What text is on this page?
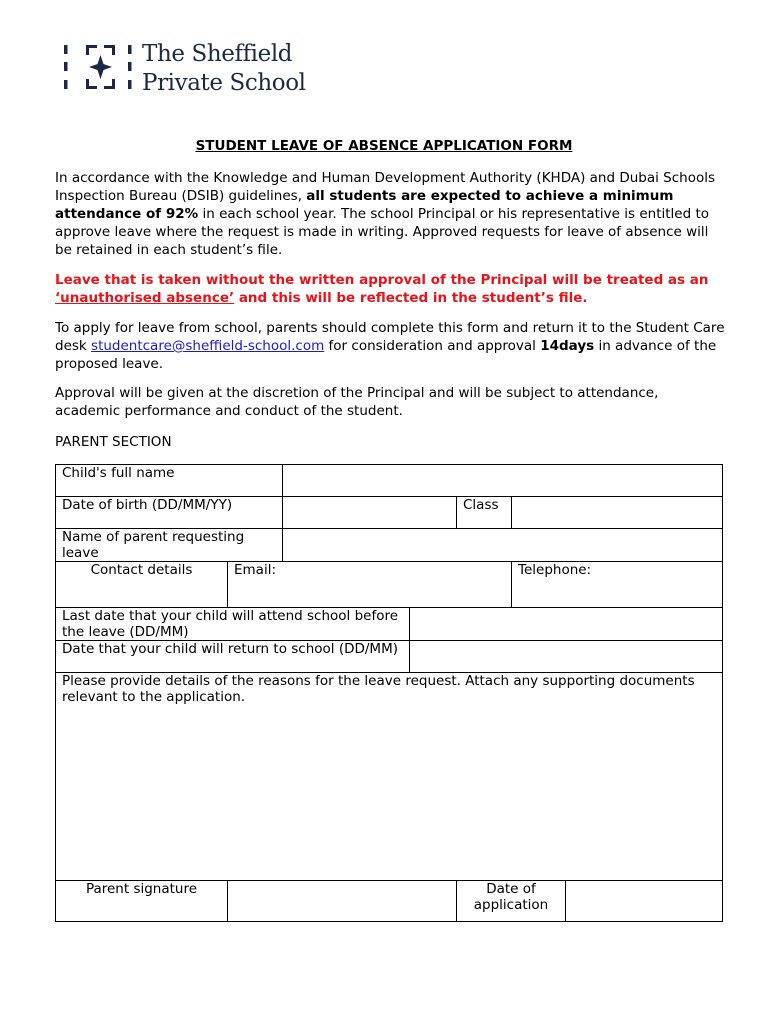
The Sheffield
Private School
STUDENT LEAVE OF ABSENCE APPLICATION FORM
In accordance with the Knowledge and Human Development Authority (KHDA) and Dubai Schools Inspection Bureau (DSIB) guidelines, all students are expected to achieve a minimum attendance of 92% in each school year. The school Principal or his representative is entitled to approve leave where the request is made in writing. Approved requests for leave of absence will be retained in each student’s file.
Leave that is taken without the written approval of the Principal will be treated as an ‘unauthorised absence’ and this will be reflected in the student’s file.
To apply for leave from school, parents should complete this form and return it to the Student Care desk studentcare@sheffield-school.com for consideration and approval 14days in advance of the proposed leave.
Approval will be given at the discretion of the Principal and will be subject to attendance, academic performance and conduct of the student.
PARENT SECTION
Child's full name						
Date of birth (DD/MM/YY)				Class		
Name of parent requesting leave						
Contact details	Email:				Telephone:	
Last date that your child will attend school before the leave (DD/MM)						
Date that your child will return to school (DD/MM)						
Please provide details of the reasons for the leave request. Attach any supporting documents relevant to the application.						
Parent signature				Date of application		
